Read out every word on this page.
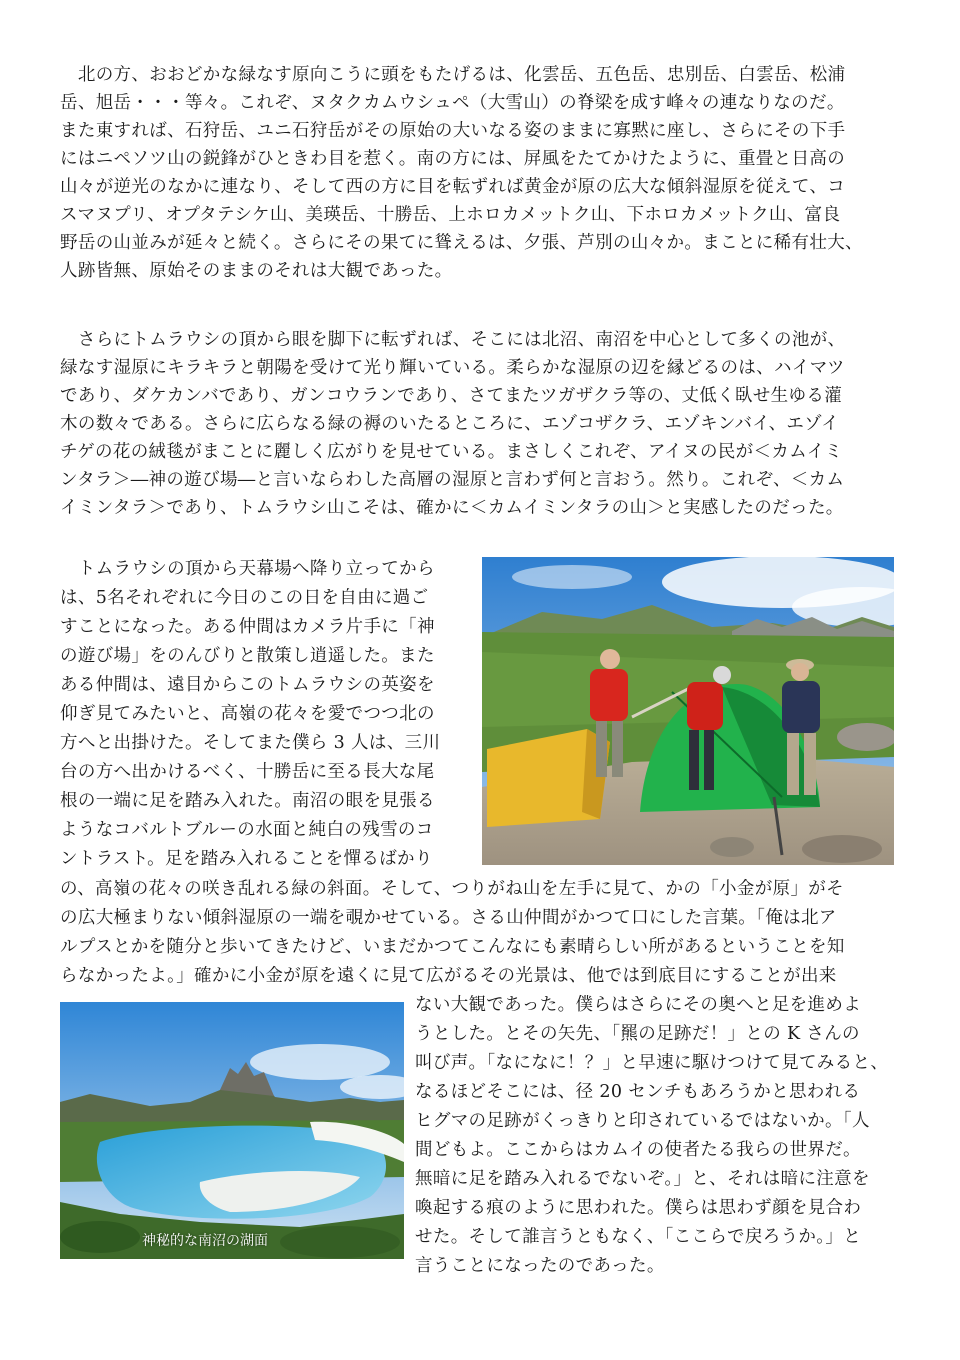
　北の方、おおどかな緑なす原向こうに頭をもたげるは、化雲岳、五色岳、忠別岳、白雲岳、松浦

岳、旭岳・・・等々。これぞ、ヌタクカムウシュペ（大雪山）の脊梁を成す峰々の連なりなのだ。

また東すれば、石狩岳、ユニ石狩岳がその原始の大いなる姿のままに寡黙に座し、さらにその下手

にはニペソツ山の鋭鋒がひときわ目を惹く。南の方には、屏風をたてかけたように、重畳と日高の

山々が逆光のなかに連なり、そして西の方に目を転ずれば黄金が原の広大な傾斜湿原を従えて、コ

スマヌプリ、オプタテシケ山、美瑛岳、十勝岳、上ホロカメットク山、下ホロカメットク山、富良

野岳の山並みが延々と続く。さらにその果てに聳えるは、夕張、芦別の山々か。まことに稀有壮大、

人跡皆無、原始そのままのそれは大観であった。

　さらにトムラウシの頂から眼を脚下に転ずれば、そこには北沼、南沼を中心として多くの池が、

緑なす湿原にキラキラと朝陽を受けて光り輝いている。柔らかな湿原の辺を縁どるのは、ハイマツ

であり、ダケカンバであり、ガンコウランであり、さてまたツガザクラ等の、丈低く臥せ生ゆる灌

木の数々である。さらに広らなる緑の褥のいたるところに、エゾコザクラ、エゾキンバイ、エゾイ

チゲの花の絨毯がまことに麗しく広がりを見せている。まさしくこれぞ、アイヌの民が＜カムイミ

ンタラ＞―神の遊び場―と言いならわした高層の湿原と言わず何と言おう。然り。これぞ、＜カム

イミンタラ＞であり、トムラウシ山こそは、確かに＜カムイミンタラの山＞と実感したのだった。

　トムラウシの頂から天幕場へ降り立ってから

は、5名それぞれに今日のこの日を自由に過ご

すことになった。ある仲間はカメラ片手に「神

の遊び場」をのんびりと散策し逍遥した。また

ある仲間は、遠目からこのトムラウシの英姿を

仰ぎ見てみたいと、高嶺の花々を愛でつつ北の

方へと出掛けた。そしてまた僕ら 3 人は、三川

台の方へ出かけるべく、十勝岳に至る長大な尾

根の一端に足を踏み入れた。南沼の眼を見張る

ようなコバルトブルーの水面と純白の残雪のコ

ントラスト。足を踏み入れることを憚るばかり

の、高嶺の花々の咲き乱れる緑の斜面。そして、つりがね山を左手に見て、かの「小金が原」がそ

の広大極まりない傾斜湿原の一端を覗かせている。さる山仲間がかつて口にした言葉。「俺は北ア

ルプスとかを随分と歩いてきたけど、いまだかつてこんなにも素晴らしい所があるということを知

らなかったよ。」確かに小金が原を遠くに見て広がるその光景は、他では到底目にすることが出来

ない大観であった。僕らはさらにその奥へと足を進めよ

うとした。とその矢先、「羆の足跡だ！」との K さんの

叫び声。「なになに！？」と早速に駆けつけて見てみると、

なるほどそこには、径 20 センチもあろうかと思われる

ヒグマの足跡がくっきりと印されているではないか。「人

間どもよ。ここからはカムイの使者たる我らの世界だ。

無暗に足を踏み入れるでないぞ。」と、それは暗に注意を

喚起する痕のように思われた。僕らは思わず顔を見合わ

せた。そして誰言うともなく、「ここらで戻ろうか。」と

言うことになったのであった。

神秘的な南沼の湖面
